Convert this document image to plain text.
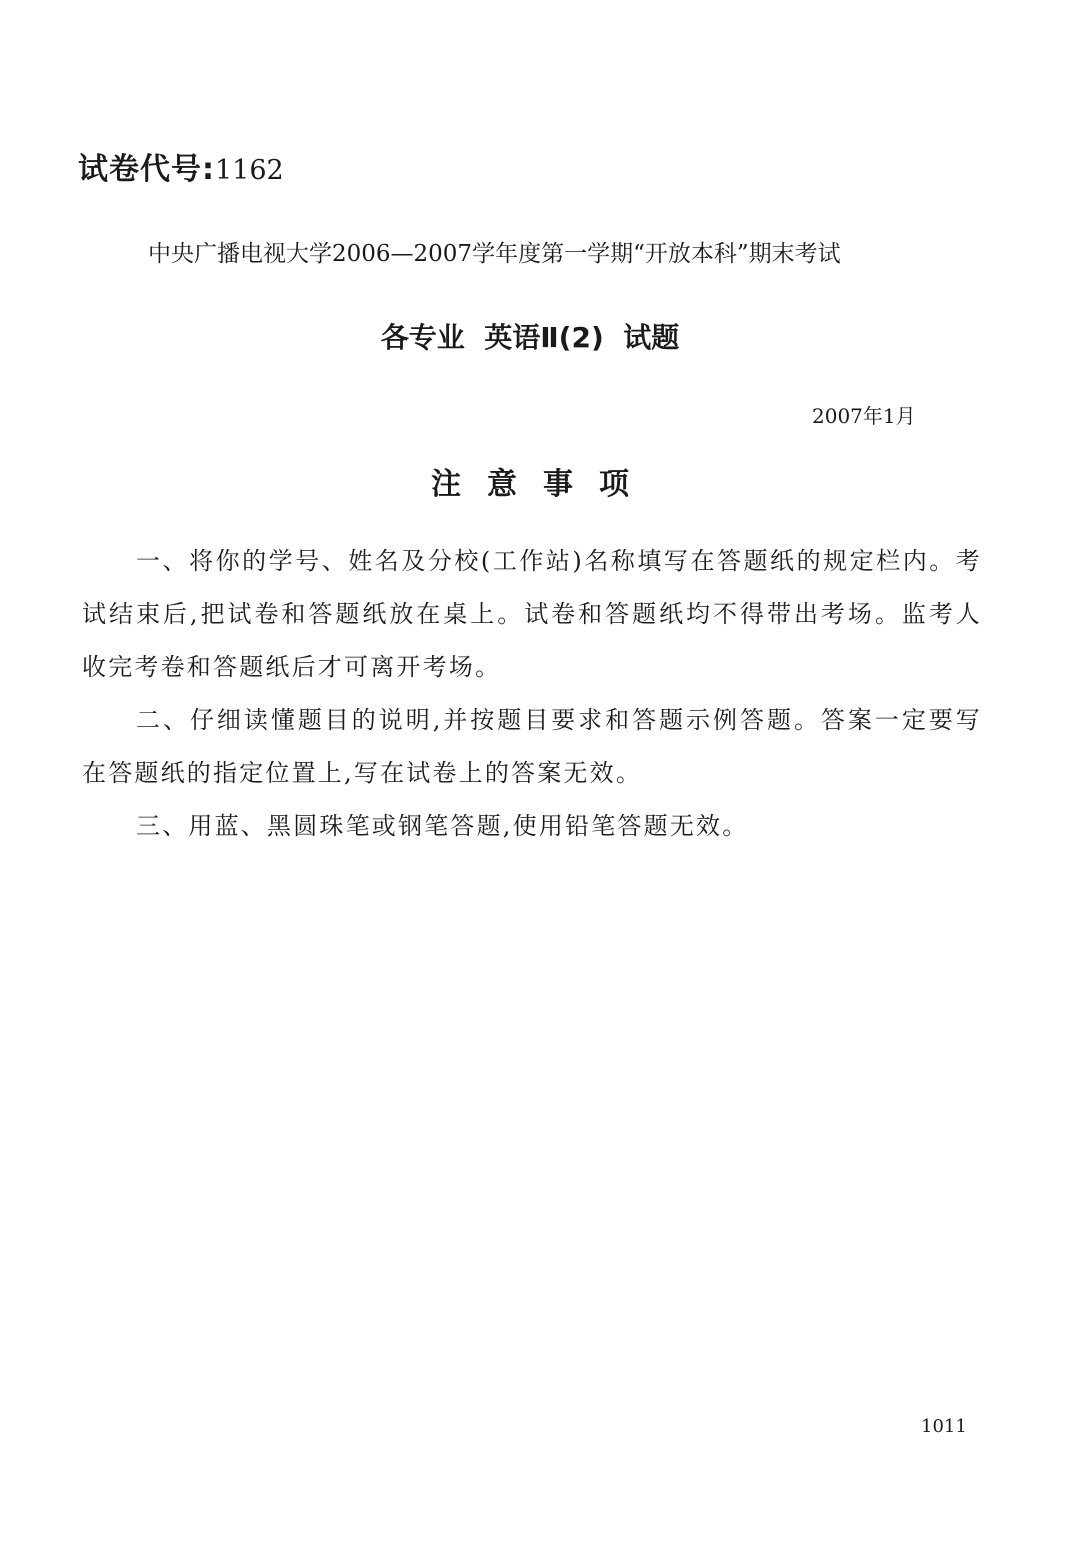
试卷代号:1162
中央广播电视大学2006—2007学年度第一学期“开放本科”期末考试
各专业  英语Ⅱ(2)  试题
2007年1月
注意事项

一、将你的学号、姓名及分校(工作站)名称填写在答题纸的规定栏内。考试结束后,把试卷和答题纸放在桌上。试卷和答题纸均不得带出考场。监考人收完考卷和答题纸后才可离开考场。

二、仔细读懂题目的说明,并按题目要求和答题示例答题。答案一定要写在答题纸的指定位置上,写在试卷上的答案无效。

三、用蓝、黑圆珠笔或钢笔答题,使用铅笔答题无效。

1011
